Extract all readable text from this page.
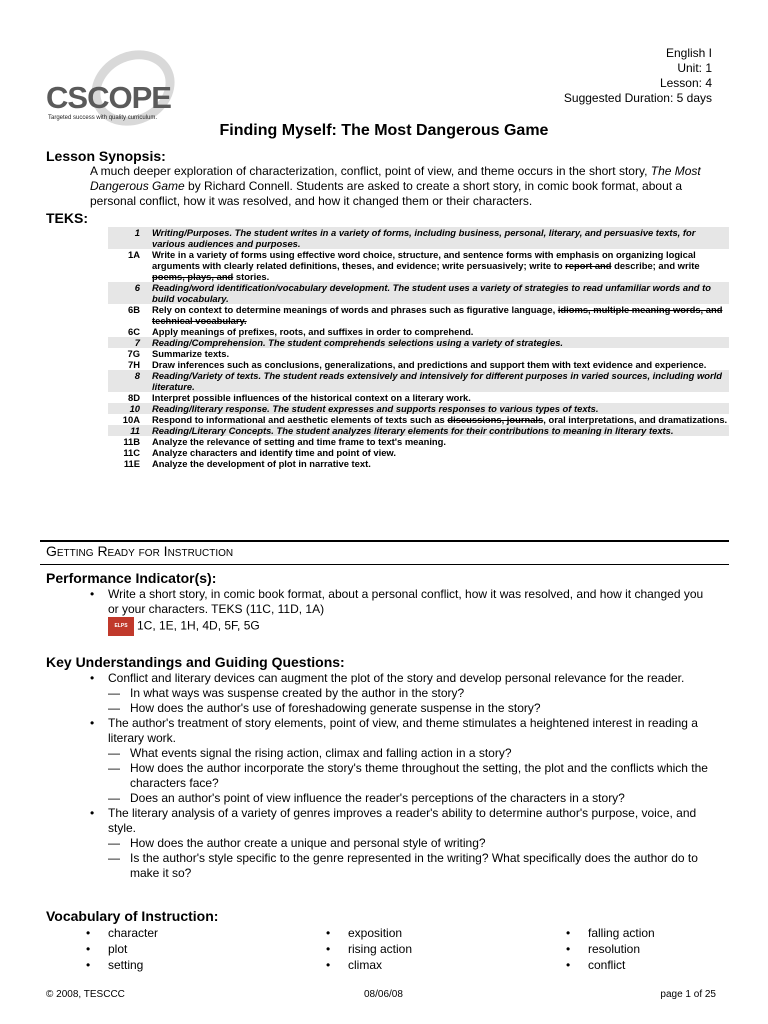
CSCOPE
Targeted success with quality curriculum.
English I
Unit: 1
Lesson: 4
Suggested Duration: 5 days
Finding Myself: The Most Dangerous Game
Lesson Synopsis:
A much deeper exploration of characterization, conflict, point of view, and theme occurs in the short story, The Most Dangerous Game by Richard Connell. Students are asked to create a short story, in comic book format, about a personal conflict, how it was resolved, and how it changed them or their characters.
TEKS:
1	Writing/Purposes. The student writes in a variety of forms, including business, personal, literary, and persuasive texts, for various audiences and purposes.
1A	Write in a variety of forms using effective word choice, structure, and sentence forms with emphasis on organizing logical arguments with clearly related definitions, theses, and evidence; write persuasively; write to report and describe; and write poems, plays, and stories.
6	Reading/word identification/vocabulary development. The student uses a variety of strategies to read unfamiliar words and to build vocabulary.
6B	Rely on context to determine meanings of words and phrases such as figurative language, idioms, multiple meaning words, and technical vocabulary.
6C	Apply meanings of prefixes, roots, and suffixes in order to comprehend.
7	Reading/Comprehension. The student comprehends selections using a variety of strategies.
7G	Summarize texts.
7H	Draw inferences such as conclusions, generalizations, and predictions and support them with text evidence and experience.
8	Reading/Variety of texts. The student reads extensively and intensively for different purposes in varied sources, including world literature.
8D	Interpret possible influences of the historical context on a literary work.
10	Reading/literary response. The student expresses and supports responses to various types of texts.
10A	Respond to informational and aesthetic elements of texts such as discussions, journals, oral interpretations, and dramatizations.
11	Reading/Literary Concepts. The student analyzes literary elements for their contributions to meaning in literary texts.
11B	Analyze the relevance of setting and time frame to text's meaning.
11C	Analyze characters and identify time and point of view.
11E	Analyze the development of plot in narrative text.
Getting Ready for Instruction
Performance Indicator(s):
• Write a short story, in comic book format, about a personal conflict, how it was resolved, and how it changed you or your characters. TEKS (11C, 11D, 1A)
ELPS 1C, 1E, 1H, 4D, 5F, 5G
Key Understandings and Guiding Questions:
• Conflict and literary devices can augment the plot of the story and develop personal relevance for the reader.
— In what ways was suspense created by the author in the story?
— How does the author's use of foreshadowing generate suspense in the story?
• The author's treatment of story elements, point of view, and theme stimulates a heightened interest in reading a literary work.
— What events signal the rising action, climax and falling action in a story?
— How does the author incorporate the story's theme throughout the setting, the plot and the conflicts which the characters face?
— Does an author's point of view influence the reader's perceptions of the characters in a story?
• The literary analysis of a variety of genres improves a reader's ability to determine author's purpose, voice, and style.
— How does the author create a unique and personal style of writing?
— Is the author's style specific to the genre represented in the writing? What specifically does the author do to make it so?
Vocabulary of Instruction:
• character
• plot
• setting
• exposition
• rising action
• climax
• falling action
• resolution
• conflict
© 2008, TESCCC	08/06/08	page 1 of 25
